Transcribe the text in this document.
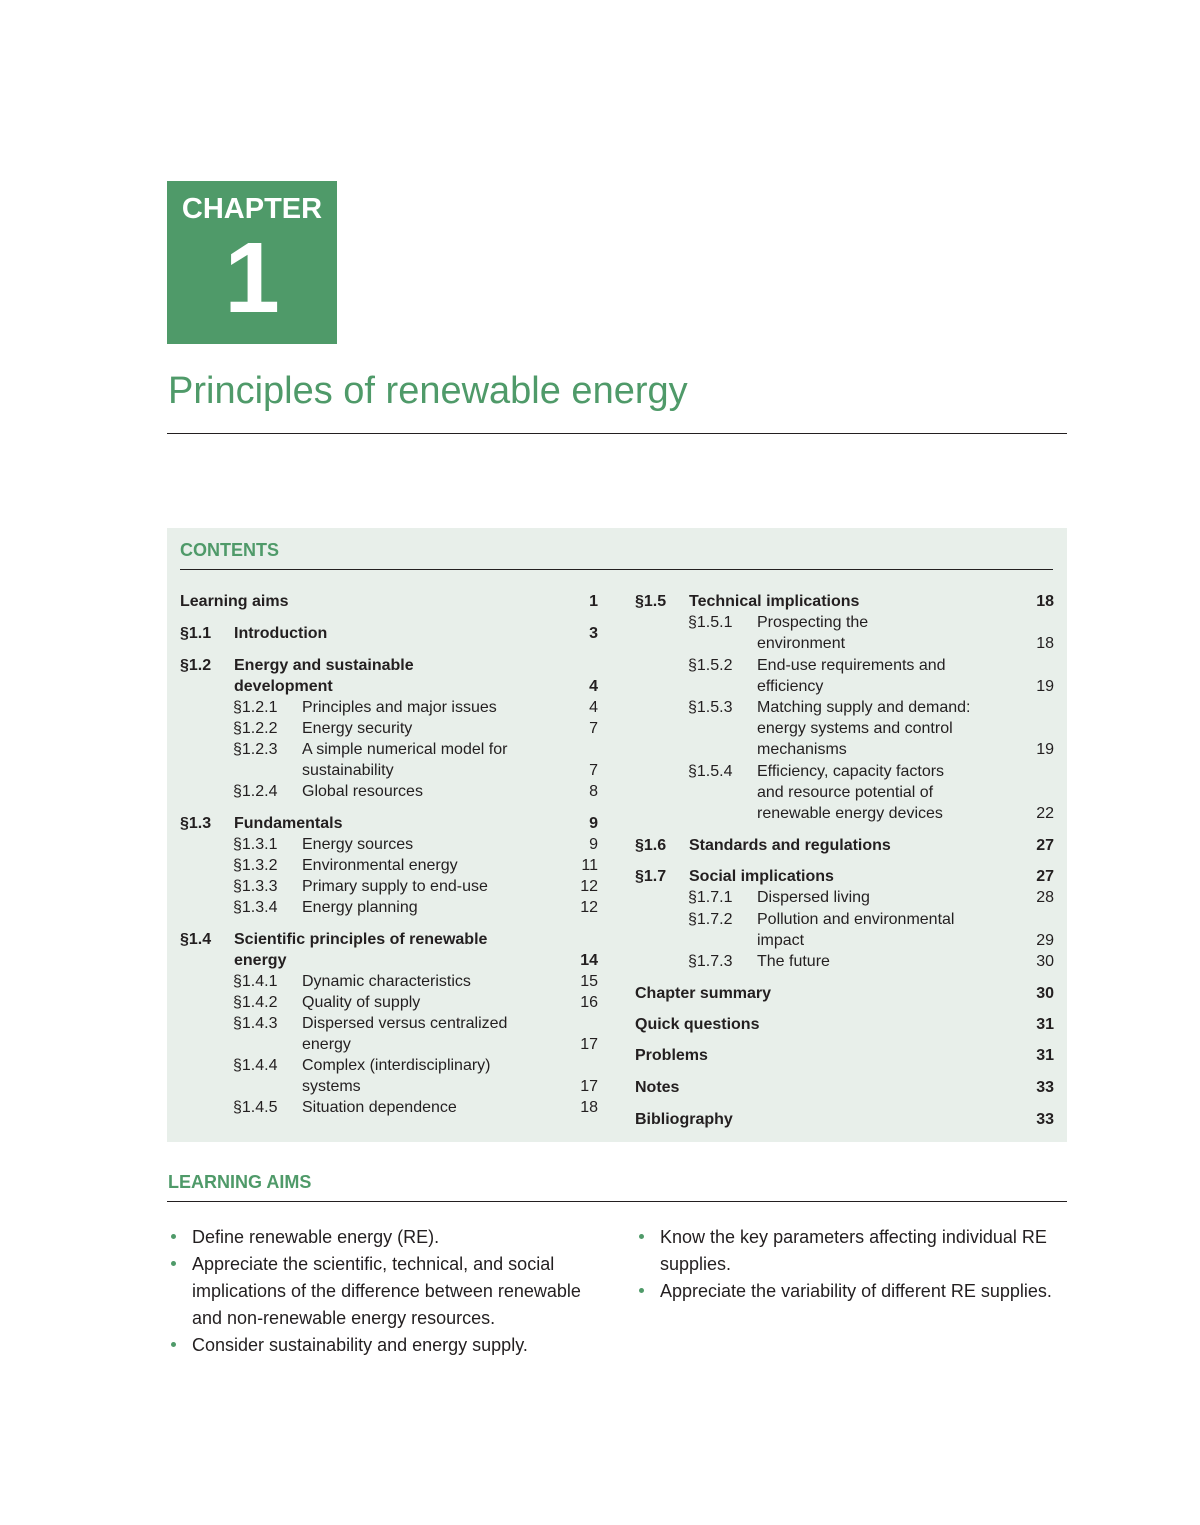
CHAPTER
1
Principles of renewable energy
CONTENTS
Learning aims	1
§1.1 Introduction	3
§1.2 Energy and sustainable
development	4
§1.2.1 Principles and major issues	4
§1.2.2 Energy security	7
§1.2.3 A simple numerical model for
sustainability	7
§1.2.4 Global resources	8
§1.3 Fundamentals	9
§1.3.1 Energy sources	9
§1.3.2 Environmental energy	11
§1.3.3 Primary supply to end-use	12
§1.3.4 Energy planning	12
§1.4 Scientific principles of renewable
energy	14
§1.4.1 Dynamic characteristics	15
§1.4.2 Quality of supply	16
§1.4.3 Dispersed versus centralized
energy	17
§1.4.4 Complex (interdisciplinary)
systems	17
§1.4.5 Situation dependence	18
§1.5 Technical implications	18
§1.5.1 Prospecting the
environment	18
§1.5.2 End-use requirements and
efficiency	19
§1.5.3 Matching supply and demand:
energy systems and control
mechanisms	19
§1.5.4 Efficiency, capacity factors
and resource potential of
renewable energy devices	22
§1.6 Standards and regulations	27
§1.7 Social implications	27
§1.7.1 Dispersed living	28
§1.7.2 Pollution and environmental
impact	29
§1.7.3 The future	30
Chapter summary	30
Quick questions	31
Problems	31
Notes	33
Bibliography	33
LEARNING AIMS
Define renewable energy (RE).
Appreciate the scientific, technical, and social implications of the difference between renewable and non-renewable energy resources.
Consider sustainability and energy supply.
Know the key parameters affecting individual RE supplies.
Appreciate the variability of different RE supplies.
